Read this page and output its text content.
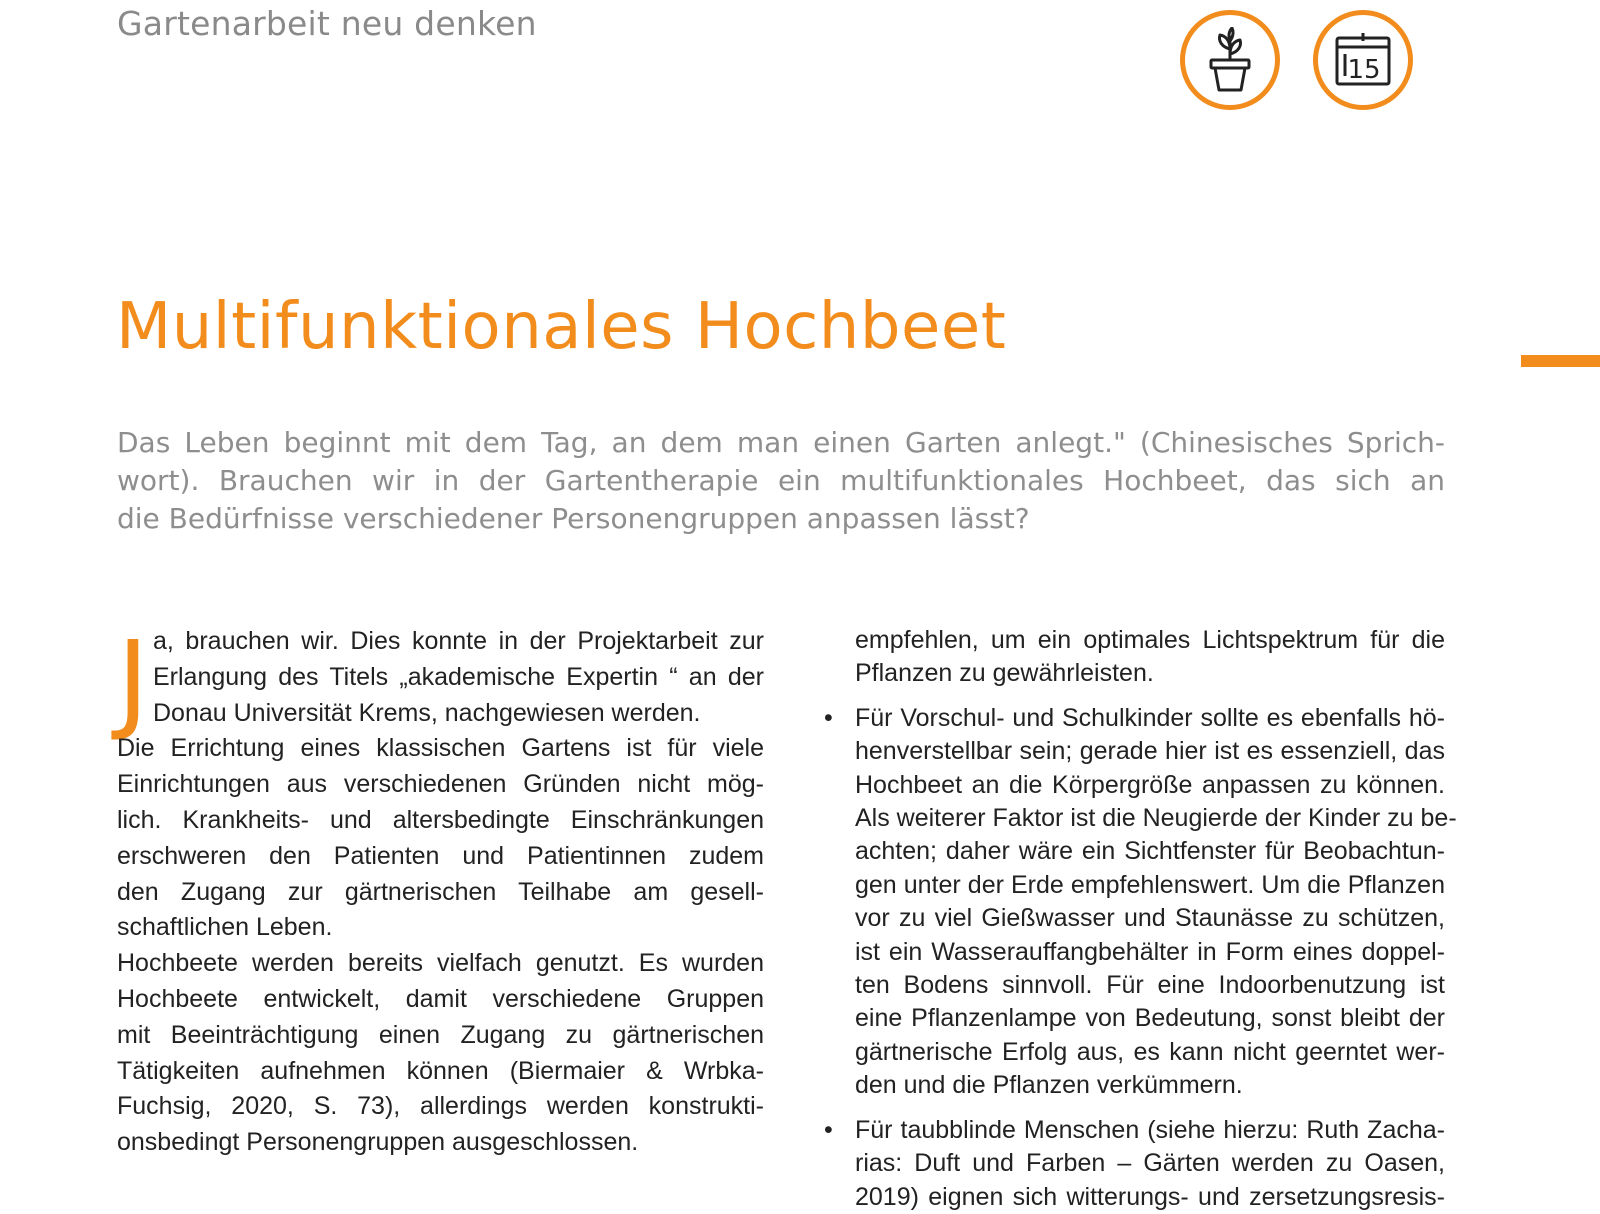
Gartenarbeit neu denken
15
Multifunktionales Hochbeet

Das Leben beginnt mit dem Tag, an dem man einen Garten anlegt." (Chinesisches Sprich-
wort). Brauchen wir in der Gartentherapie ein multifunktionales Hochbeet, das sich an
die Bedürfnisse verschiedener Personengruppen anpassen lässt?

J a, brauchen wir. Dies konnte in der Projektarbeit zur
Erlangung des Titels „akademische Expertin “ an der
Donau Universität Krems, nachgewiesen werden.
Die Errichtung eines klassischen Gartens ist für viele
Einrichtungen aus verschiedenen Gründen nicht mög-
lich. Krankheits- und altersbedingte Einschränkungen
erschweren den Patienten und Patientinnen zudem
den Zugang zur gärtnerischen Teilhabe am gesell-
schaftlichen Leben.
Hochbeete werden bereits vielfach genutzt. Es wurden
Hochbeete entwickelt, damit verschiedene Gruppen
mit Beeinträchtigung einen Zugang zu gärtnerischen
Tätigkeiten aufnehmen können (Biermaier & Wrbka-
Fuchsig, 2020, S. 73), allerdings werden konstrukti-
onsbedingt Personengruppen ausgeschlossen.
empfehlen, um ein optimales Lichtspektrum für die
Pflanzen zu gewährleisten.
• Für Vorschul- und Schulkinder sollte es ebenfalls hö-
henverstellbar sein; gerade hier ist es essenziell, das
Hochbeet an die Körpergröße anpassen zu können.
Als weiterer Faktor ist die Neugierde der Kinder zu be-
achten; daher wäre ein Sichtfenster für Beobachtun-
gen unter der Erde empfehlenswert. Um die Pflanzen
vor zu viel Gießwasser und Staunässe zu schützen,
ist ein Wasserauffangbehälter in Form eines doppel-
ten Bodens sinnvoll. Für eine Indoorbenutzung ist
eine Pflanzenlampe von Bedeutung, sonst bleibt der
gärtnerische Erfolg aus, es kann nicht geerntet wer-
den und die Pflanzen verkümmern.
• Für taubblinde Menschen (siehe hierzu: Ruth Zacha-
rias: Duft und Farben – Gärten werden zu Oasen,
2019) eignen sich witterungs- und zersetzungsresis-
